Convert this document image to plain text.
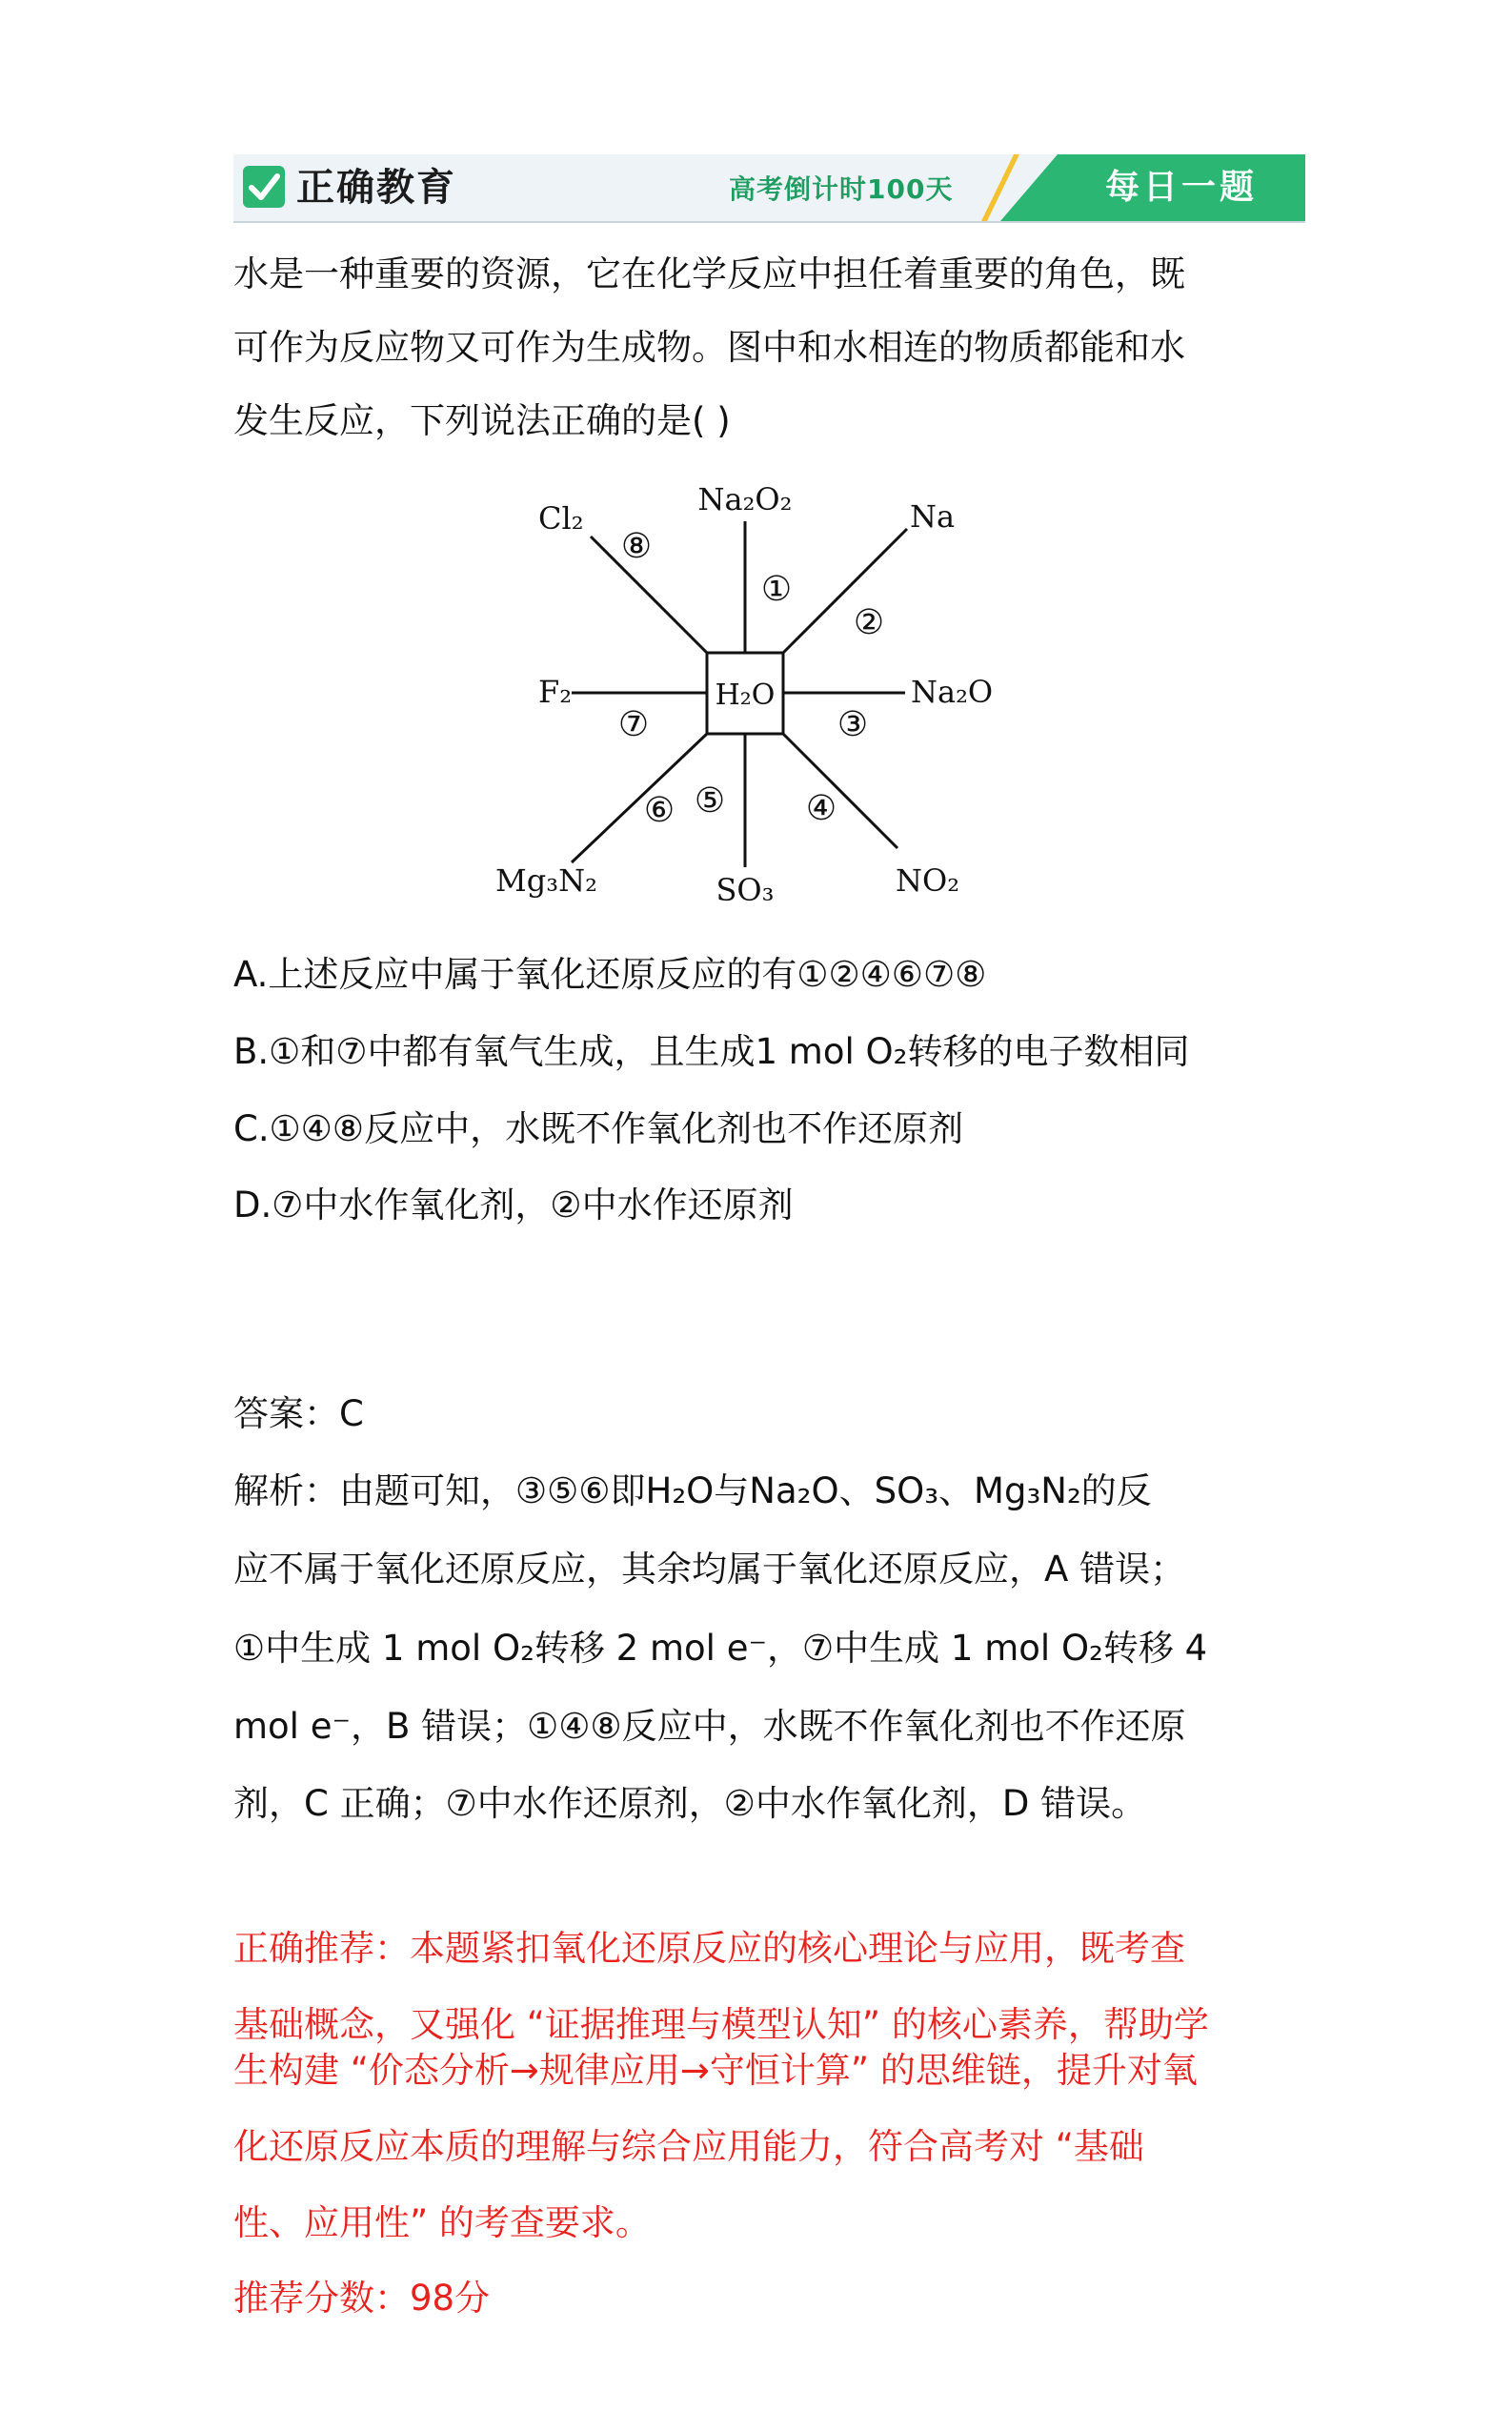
正确教育	高考倒计时100天	每日一题

水是一种重要的资源，它在化学反应中担任着重要的角色，既

可作为反应物又可作为生成物。图中和水相连的物质都能和水

发生反应，下列说法正确的是( )

H₂O
Na₂O₂	Na
Na₂O
NO₂
SO₃
Mg₃N₂
F₂
Cl₂
①
②
③
④
⑤
⑥
⑦
⑧

A.上述反应中属于氧化还原反应的有①②④⑥⑦⑧

B.①和⑦中都有氧气生成，且生成1 mol O₂转移的电子数相同

C.①④⑧反应中，水既不作氧化剂也不作还原剂

D.⑦中水作氧化剂，②中水作还原剂

答案：C

解析：由题可知，③⑤⑥即H₂O与Na₂O、SO₃、Mg₃N₂的反

应不属于氧化还原反应，其余均属于氧化还原反应，A 错误；

①中生成 1 mol O₂转移 2 mol e⁻，⑦中生成 1 mol O₂转移 4

mol e⁻，B 错误；①④⑧反应中，水既不作氧化剂也不作还原

剂，C 正确；⑦中水作还原剂，②中水作氧化剂，D 错误。

正确推荐：本题紧扣氧化还原反应的核心理论与应用，既考查

基础概念，又强化 “证据推理与模型认知” 的核心素养，帮助学

生构建 “价态分析→规律应用→守恒计算” 的思维链，提升对氧

化还原反应本质的理解与综合应用能力，符合高考对 “基础

性、应用性” 的考查要求。

推荐分数：98分
